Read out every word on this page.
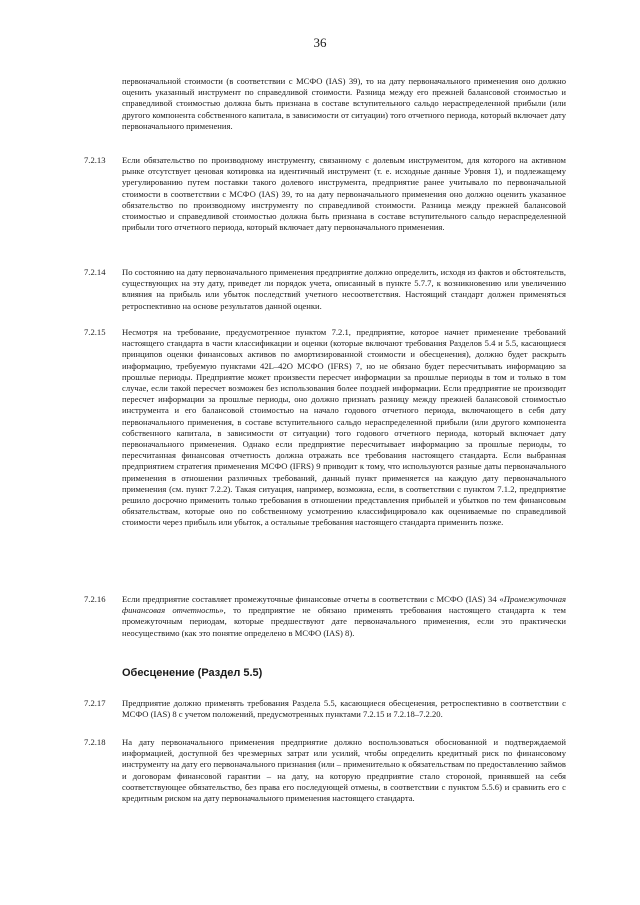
36

первоначальной стоимости (в соответствии с МСФО (IAS) 39), то на дату первоначального применения оно должно оценить указанный инструмент по справедливой стоимости. Разница между его прежней балансовой стоимостью и справедливой стоимостью должна быть признана в составе вступительного сальдо нераспределенной прибыли (или другого компонента собственного капитала, в зависимости от ситуации) того отчетного периода, который включает дату первоначального применения.

7.2.13	Если обязательство по производному инструменту, связанному с долевым инструментом, для которого на активном рынке отсутствует ценовая котировка на идентичный инструмент (т. е. исходные данные Уровня 1), и подлежащему урегулированию путем поставки такого долевого инструмента, предприятие ранее учитывало по первоначальной стоимости в соответствии с МСФО (IAS) 39, то на дату первоначального применения оно должно оценить указанное обязательство по производному инструменту по справедливой стоимости. Разница между прежней балансовой стоимостью и справедливой стоимостью должна быть признана в составе вступительного сальдо нераспределенной прибыли того отчетного периода, который включает дату первоначального применения.
7.2.14	По состоянию на дату первоначального применения предприятие должно определить, исходя из фактов и обстоятельств, существующих на эту дату, приведет ли порядок учета, описанный в пункте 5.7.7, к возникновению или увеличению влияния на прибыль или убыток последствий учетного несоответствия. Настоящий стандарт должен применяться ретроспективно на основе результатов данной оценки.
7.2.15	Несмотря на требование, предусмотренное пунктом 7.2.1, предприятие, которое начнет применение требований настоящего стандарта в части классификации и оценки (которые включают требования Разделов 5.4 и 5.5, касающиеся принципов оценки финансовых активов по амортизированной стоимости и обесценения), должно будет раскрыть информацию, требуемую пунктами 42L–42O МСФО (IFRS) 7, но не обязано будет пересчитывать информацию за прошлые периоды. Предприятие может произвести пересчет информации за прошлые периоды в том и только в том случае, если такой пересчет возможен без использования более поздней информации. Если предприятие не производит пересчет информации за прошлые периоды, оно должно признать разницу между прежней балансовой стоимостью инструмента и его балансовой стоимостью на начало годового отчетного периода, включающего в себя дату первоначального применения, в составе вступительного сальдо нераспределенной прибыли (или другого компонента собственного капитала, в зависимости от ситуации) того годового отчетного периода, который включает дату первоначального применения. Однако если предприятие пересчитывает информацию за прошлые периоды, то пересчитанная финансовая отчетность должна отражать все требования настоящего стандарта. Если выбранная предприятием стратегия применения МСФО (IFRS) 9 приводит к тому, что используются разные даты первоначального применения в отношении различных требований, данный пункт применяется на каждую дату первоначального применения (см. пункт 7.2.2). Такая ситуация, например, возможна, если, в соответствии с пунктом 7.1.2, предприятие решило досрочно применить только требования в отношении представления прибылей и убытков по тем финансовым обязательствам, которые оно по собственному усмотрению классифицировало как оцениваемые по справедливой стоимости через прибыль или убыток, а остальные требования настоящего стандарта применить позже.
7.2.16	Если предприятие составляет промежуточные финансовые отчеты в соответствии с МСФО (IAS) 34 «Промежуточная финансовая отчетность», то предприятие не обязано применять требования настоящего стандарта к тем промежуточным периодам, которые предшествуют дате первоначального применения, если это практически неосуществимо (как это понятие определено в МСФО (IAS) 8).
Обесценение (Раздел 5.5)
7.2.17	Предприятие должно применять требования Раздела 5.5, касающиеся обесценения, ретроспективно в соответствии с МСФО (IAS) 8 с учетом положений, предусмотренных пунктами 7.2.15 и 7.2.18–7.2.20.
7.2.18	На дату первоначального применения предприятие должно воспользоваться обоснованной и подтверждаемой информацией, доступной без чрезмерных затрат или усилий, чтобы определить кредитный риск по финансовому инструменту на дату его первоначального признания (или – применительно к обязательствам по предоставлению займов и договорам финансовой гарантии – на дату, на которую предприятие стало стороной, принявшей на себя соответствующее обязательство, без права его последующей отмены, в соответствии с пунктом 5.5.6) и сравнить его с кредитным риском на дату первоначального применения настоящего стандарта.
